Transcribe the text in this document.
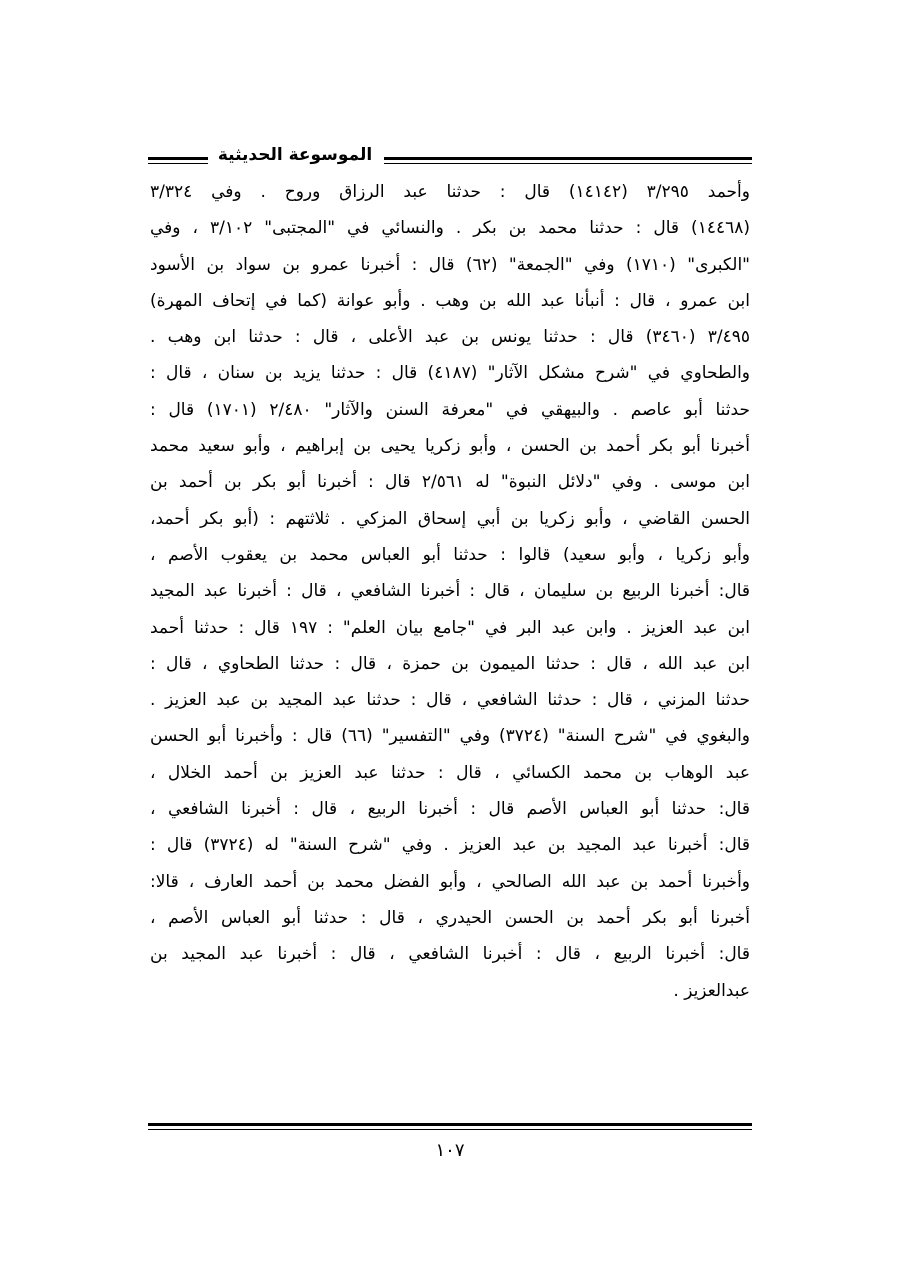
الموسوعة الحديثية
وأحمد ٣/٢٩٥ (١٤١٤٢) قال : حدثنا عبد الرزاق وروح . وفي ٣/٣٢٤
(١٤٤٦٨) قال : حدثنا محمد بن بكر . والنسائي في "المجتبى" ٣/١٠٢ ، وفي
"الكبرى" (١٧١٠) وفي "الجمعة" (٦٢) قال : أخبرنا عمرو بن سواد بن الأسود
ابن عمرو ، قال : أنبأنا عبد الله بن وهب . وأبو عوانة (كما في إتحاف المهرة)
٣/٤٩٥ (٣٤٦٠) قال : حدثنا يونس بن عبد الأعلى ، قال : حدثنا ابن وهب .
والطحاوي في "شرح مشكل الآثار" (٤١٨٧) قال : حدثنا يزيد بن سنان ، قال :
حدثنا أبو عاصم . والبيهقي في "معرفة السنن والآثار" ٢/٤٨٠ (١٧٠١) قال :
أخبرنا أبو بكر أحمد بن الحسن ، وأبو زكريا يحيى بن إبراهيم ، وأبو سعيد محمد
ابن موسى . وفي "دلائل النبوة" له ٢/٥٦١ قال : أخبرنا أبو بكر بن أحمد بن
الحسن القاضي ، وأبو زكريا بن أبي إسحاق المزكي . ثلاثتهم : (أبو بكر أحمد،
وأبو زكريا ، وأبو سعيد) قالوا : حدثنا أبو العباس محمد بن يعقوب الأصم ،
قال: أخبرنا الربيع بن سليمان ، قال : أخبرنا الشافعي ، قال : أخبرنا عبد المجيد
ابن عبد العزيز . وابن عبد البر في "جامع بيان العلم" : ١٩٧ قال : حدثنا أحمد
ابن عبد الله ، قال : حدثنا الميمون بن حمزة ، قال : حدثنا الطحاوي ، قال :
حدثنا المزني ، قال : حدثنا الشافعي ، قال : حدثنا عبد المجيد بن عبد العزيز .
والبغوي في "شرح السنة" (٣٧٢٤) وفي "التفسير" (٦٦) قال : وأخبرنا أبو الحسن
عبد الوهاب بن محمد الكسائي ، قال : حدثنا عبد العزيز بن أحمد الخلال ،
قال: حدثنا أبو العباس الأصم قال : أخبرنا الربيع ، قال : أخبرنا الشافعي ،
قال: أخبرنا عبد المجيد بن عبد العزيز . وفي "شرح السنة" له (٣٧٢٤) قال :
وأخبرنا أحمد بن عبد الله الصالحي ، وأبو الفضل محمد بن أحمد العارف ، قالا:
أخبرنا أبو بكر أحمد بن الحسن الحيدري ، قال : حدثنا أبو العباس الأصم ،
قال: أخبرنا الربيع ، قال : أخبرنا الشافعي ، قال : أخبرنا عبد المجيد بن
عبدالعزيز .
١٠٧
